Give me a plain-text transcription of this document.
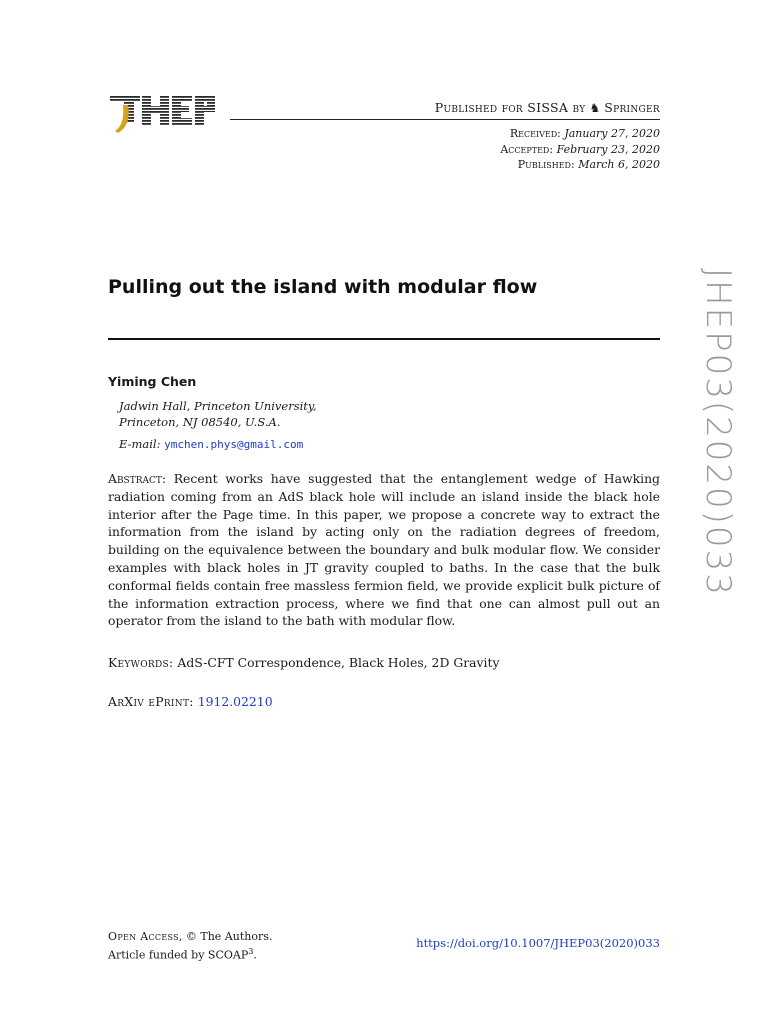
Published for SISSA by ♞ Springer
Received: January 27, 2020
Accepted: February 23, 2020
Published: March 6, 2020
Pulling out the island with modular flow
Yiming Chen
Jadwin Hall, Princeton University,
Princeton, NJ 08540, U.S.A.
E-mail: ymchen.phys@gmail.com
Abstract: Recent works have suggested that the entanglement wedge of Hawking radiation coming from an AdS black hole will include an island inside the black hole interior after the Page time. In this paper, we propose a concrete way to extract the information from the island by acting only on the radiation degrees of freedom, building on the equivalence between the boundary and bulk modular flow. We consider examples with black holes in JT gravity coupled to baths. In the case that the bulk conformal fields contain free massless fermion field, we provide explicit bulk picture of the information extraction process, where we find that one can almost pull out an operator from the island to the bath with modular flow.
Keywords: AdS-CFT Correspondence, Black Holes, 2D Gravity
ArXiv ePrint: 1912.02210
Open Access, © The Authors.
Article funded by SCOAP$^3$.
https://doi.org/10.1007/JHEP03(2020)033
JHEP03(2020)033
